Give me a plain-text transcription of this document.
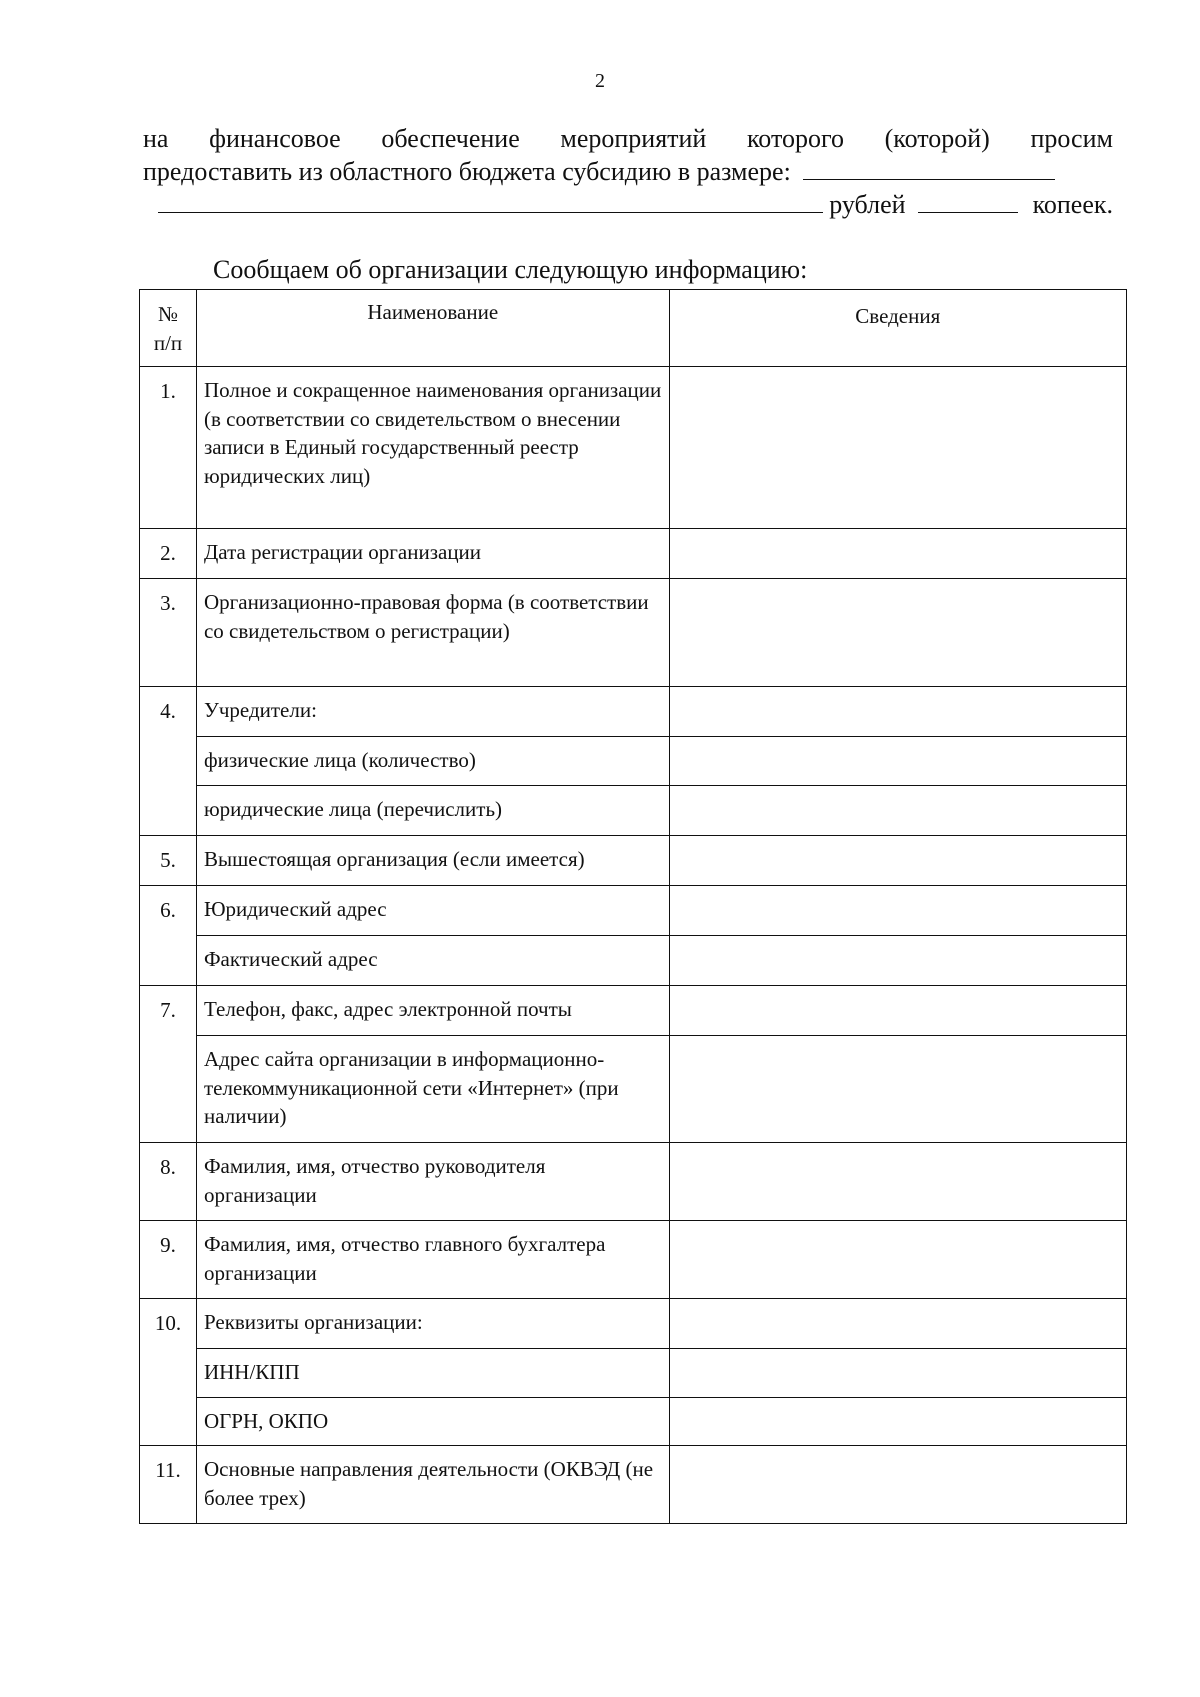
2
на финансовое обеспечение мероприятий которого (которой) просим
предоставить из областного бюджета субсидию в размере:
рублей	копеек.
Сообщаем об организации следующую информацию:
№ п/п	Наименование	Сведения
1.	Полное и сокращенное наименования организации (в соответствии со свидетельством о внесении записи в Единый государственный реестр юридических лиц)	
2.	Дата регистрации организации	
3.	Организационно-правовая форма (в соответствии со свидетельством о регистрации)	
4.	Учредители:	
	физические лица (количество)	
	юридические лица (перечислить)	
5.	Вышестоящая организация (если имеется)	
6.	Юридический адрес	
	Фактический адрес	
7.	Телефон, факс, адрес электронной почты	
	Адрес сайта организации в информационно-телекоммуникационной сети «Интернет» (при наличии)	
8.	Фамилия, имя, отчество руководителя организации	
9.	Фамилия, имя, отчество главного бухгалтера организации	
10.	Реквизиты организации:	
	ИНН/КПП	
	ОГРН, ОКПО	
11.	Основные направления деятельности (ОКВЭД (не более трех)	
